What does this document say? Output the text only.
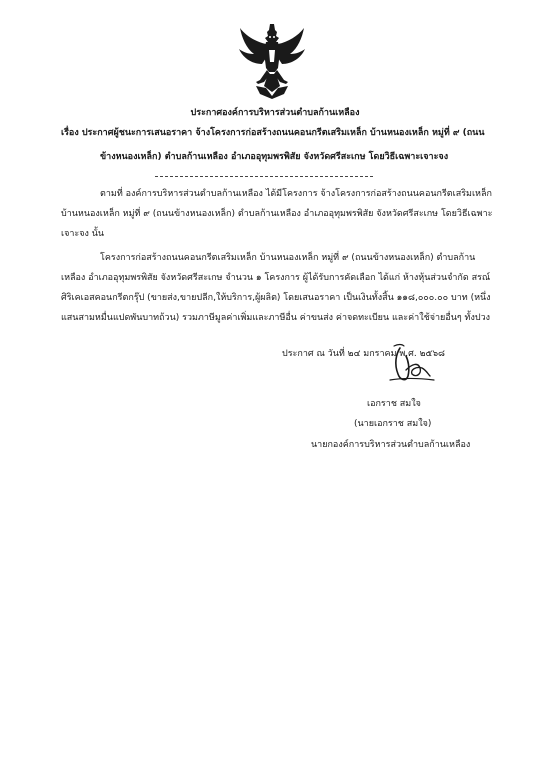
ประกาศองค์การบริหารส่วนตำบลก้านเหลือง
เรื่อง ประกาศผู้ชนะการเสนอราคา จ้างโครงการก่อสร้างถนนคอนกรีตเสริมเหล็ก บ้านหนองเหล็ก หมู่ที่ ๙ (ถนน
ข้างหนองเหล็ก) ตำบลก้านเหลือง อำเภออุทุมพรพิสัย จังหวัดศรีสะเกษ โดยวิธีเฉพาะเจาะจง
ตามที่ องค์การบริหารส่วนตำบลก้านเหลือง ได้มีโครงการ จ้างโครงการก่อสร้างถนนคอนกรีตเสริมเหล็ก
บ้านหนองเหล็ก หมู่ที่ ๙ (ถนนข้างหนองเหล็ก) ตำบลก้านเหลือง อำเภออุทุมพรพิสัย จังหวัดศรีสะเกษ โดยวิธีเฉพาะ
เจาะจง นั้น
โครงการก่อสร้างถนนคอนกรีตเสริมเหล็ก บ้านหนองเหล็ก หมู่ที่ ๙ (ถนนข้างหนองเหล็ก) ตำบลก้าน
เหลือง อำเภออุทุมพรพิสัย จังหวัดศรีสะเกษ จำนวน ๑ โครงการ ผู้ได้รับการคัดเลือก ได้แก่ ห้างหุ้นส่วนจำกัด สรณ์
ศิริเคเอสคอนกรีตกรุ๊ป (ขายส่ง,ขายปลีก,ให้บริการ,ผู้ผลิต) โดยเสนอราคา เป็นเงินทั้งสิ้น ๑๑๘,๐๐๐.๐๐ บาท (หนึ่ง
แสนสามหมื่นแปดพันบาทถ้วน) รวมภาษีมูลค่าเพิ่มและภาษีอื่น ค่าขนส่ง ค่าจดทะเบียน และค่าใช้จ่ายอื่นๆ ทั้งปวง
ประกาศ ณ วันที่ ๒๔ มกราคม พ.ศ. ๒๕๖๘
เอกราช สมใจ
(นายเอกราช สมใจ)
นายกองค์การบริหารส่วนตำบลก้านเหลือง
